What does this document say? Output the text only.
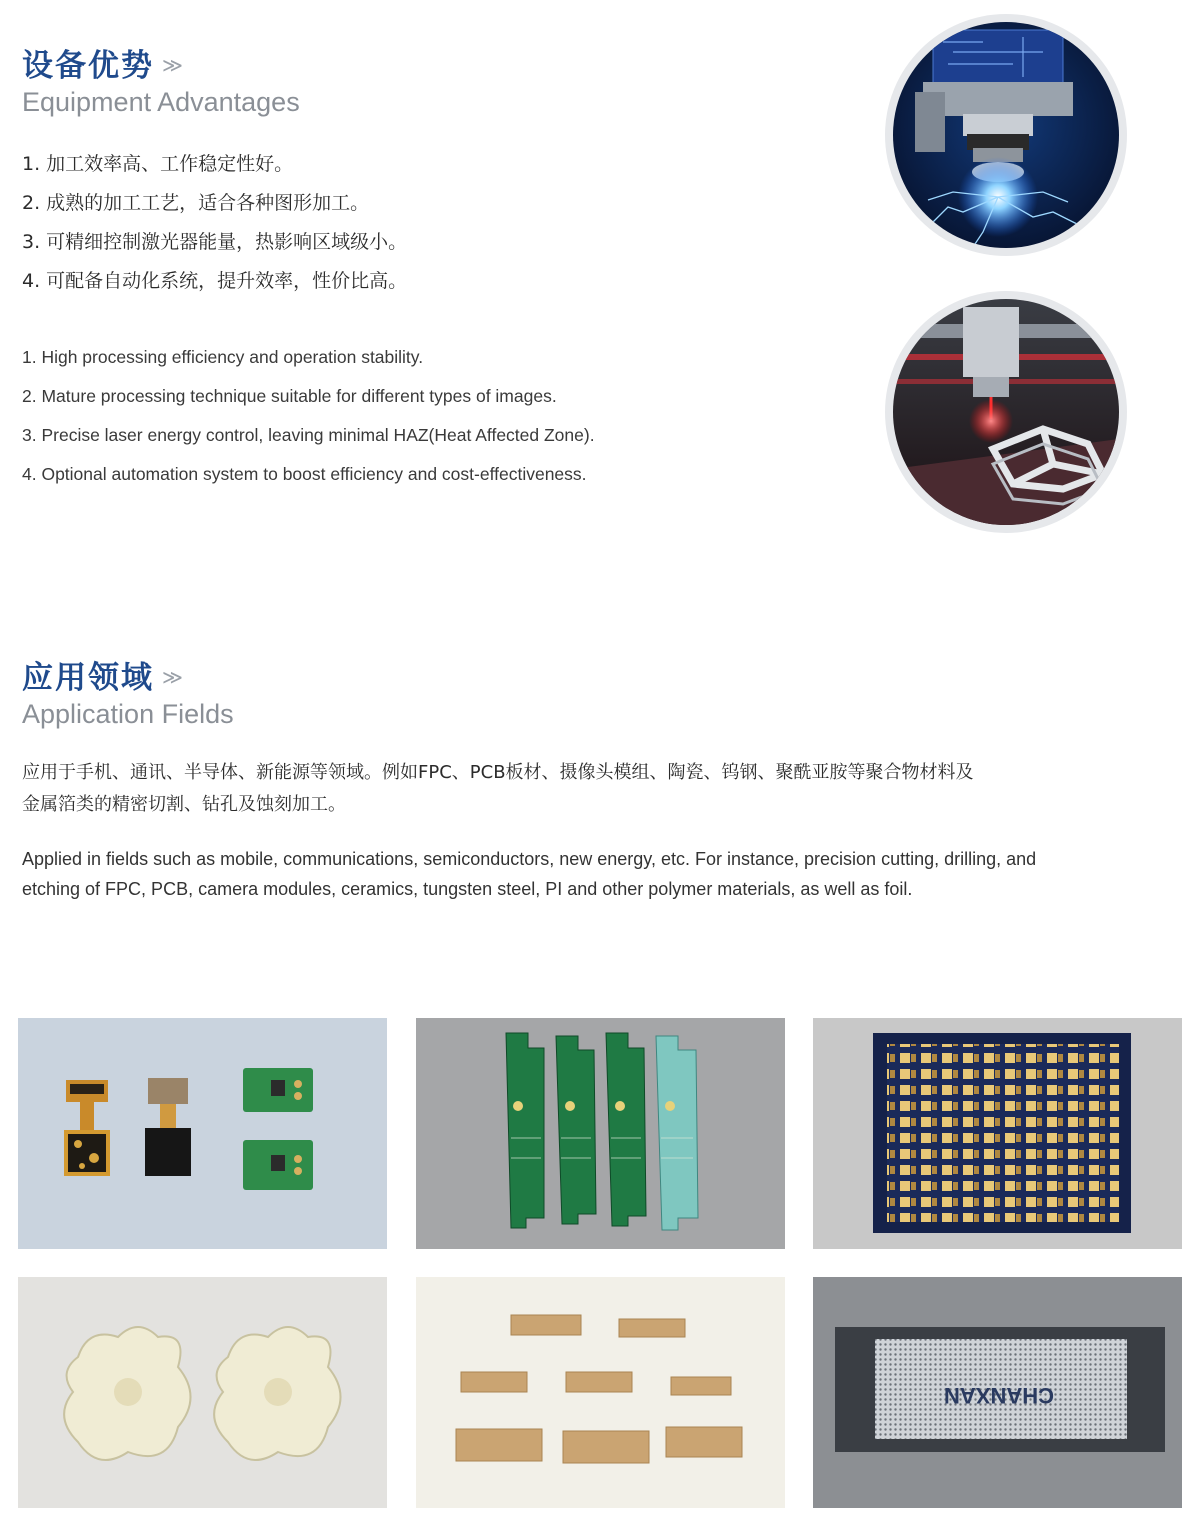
设备优势 ≫
Equipment Advantages
1. 加工效率高、工作稳定性好。
2. 成熟的加工工艺，适合各种图形加工。
3. 可精细控制激光器能量，热影响区域级小。
4. 可配备自动化系统，提升效率，性价比高。
1. High processing efficiency and operation stability.
2. Mature processing technique suitable for different types of images.
3. Precise laser energy control, leaving minimal HAZ(Heat Affected Zone).
4. Optional automation system to boost efficiency and cost-effectiveness.
应用领域 ≫
Application Fields
应用于手机、通讯、半导体、新能源等领域。例如FPC、PCB板材、摄像头模组、陶瓷、钨钢、聚酰亚胺等聚合物材料及
金属箔类的精密切割、钻孔及蚀刻加工。
Applied in fields such as mobile, communications, semiconductors, new energy, etc. For instance, precision cutting, drilling, and
etching of FPC, PCB, camera modules, ceramics, tungsten steel, PI and other polymer materials, as well as foil.
CHANXAN
